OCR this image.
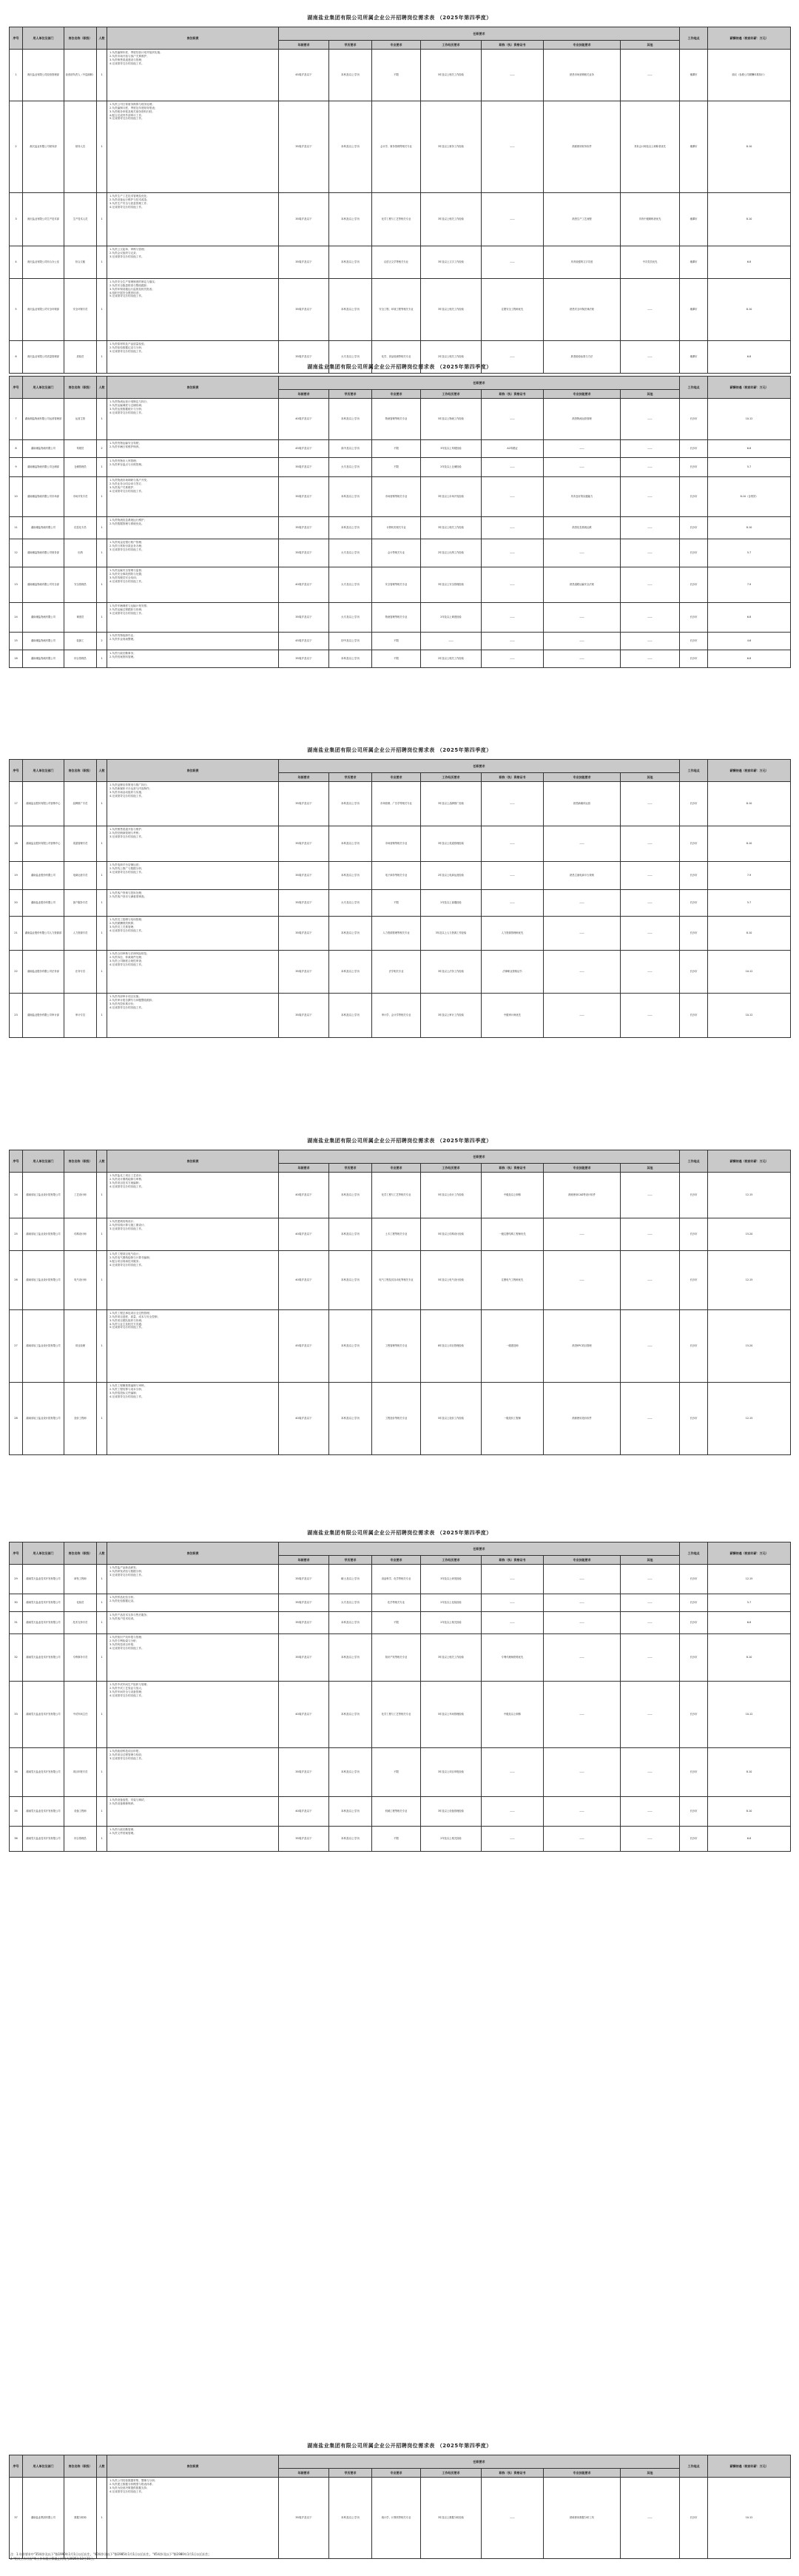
湖南盐业集团有限公司所属企业公开招聘岗位需求表 （2025年第四季度）
序号	用人单位及部门	岗位名称（职级）	人数	岗位职责	任职要求							工作地点	薪酬待遇（税前年薪：万元）
					年龄要求	学历要求	专业要求	工作经历要求	职称（执）资格证书	专业技能要求	其他		
1	湘天盐业有限公司经营管理部	经营部负责人（中层副职）	1	1.负责编制年度、季度经营计划并组织实施；
2.负责市场开拓与客户关系维护；
3.负责销售渠道建设与管理；
4.完成领导交办的其他工作。	45周岁及以下	本科及以上学历	不限	5年及以上相关工作经验	——	熟悉市场营销相关业务	——	湘潭市	面议（参照公司薪酬体系执行）
2	湘天盐业有限公司财务部	财务人员	1	1.负责公司日常财务核算与账务处理；
2.负责编制月度、季度及年度财务报表；
3.负责税务申报及相关财务资料归档；
4.配合完成内外部审计工作；
5.完成领导交办的其他工作。	35周岁及以下	本科及以上学历	会计学、财务管理等相关专业	3年及以上财务工作经验	——	熟练使用财务软件	具有会计师及以上职称者优先	湘潭市	8-10
3	湘天盐业有限公司生产技术部	生产技术人员	1	1.负责生产工艺技术管理及优化；
2.负责设备运行维护与技术改造；
3.负责生产安全与质量管理工作；
4.完成领导交办的其他工作。	35周岁及以下	本科及以上学历	化学工程与工艺等相关专业	3年及以上相关工作经验	——	熟悉生产工艺流程	具有中级职称者优先	湘潭市	8-10
4	湘天盐业有限公司综合办公室	综合文秘	1	1.负责公文起草、审核与管理；
2.负责会议组织与记录；
3.完成领导交办的其他工作。	35周岁及以下	本科及以上学历	汉语言文学等相关专业	3年及以上文字工作经验	——	具有较强的文字功底	中共党员优先	湘潭市	6-8
5	湘天盐业有限公司安全环保部	安全环保专员	1	1.负责安全生产管理制度的制定与落实；
2.负责安全隐患排查与整改跟踪；
3.负责环保设施运行监督及相关报表；
4.组织开展安全教育培训；
5.完成领导交办的其他工作。	35周岁及以下	本科及以上学历	安全工程、环境工程等相关专业	3年及以上相关工作经验	注册安全工程师优先	熟悉安全环保法律法规	——	湘潭市	8-10
6	湘天盐业有限公司质量管理部	质检员	1	1.负责原材料及产品质量检验；
2.负责检验数据记录与分析；
3.完成领导交办的其他工作。	35周岁及以下	大专及以上学历	化学、食品检测等相关专业	2年及以上相关工作经验	——	熟悉检验标准与方法	——	湘潭市	6-8
湖南盐业集团有限公司所属企业公开招聘岗位需求表 （2025年第四季度）
序号	用人单位及部门	岗位名称（职级）	人数	岗位职责	任职要求							工作地点	薪酬待遇（税前年薪：万元）
					年龄要求	学历要求	专业要求	工作经历要求	职称（执）资格证书	专业技能要求	其他		
7	湖南湘盐物流有限公司运营管理部	运营主管	1	1.负责物流运营计划制定与执行；
2.负责运输调度与仓储协调；
3.负责运营数据统计与分析；
4.完成领导交办的其他工作。	40周岁及以下	本科及以上学历	物流管理等相关专业	5年及以上物流工作经验	——	熟悉物流运营管理	——	长沙市	10-12
8	湖南湘盐物流有限公司	驾驶员	2	1.负责货物运输安全驾驶；
2.负责车辆日常维护保养。	45周岁及以下	高中及以上学历	不限	3年及以上驾驶经验	A2驾驶证	——	——	长沙市	6-8
9	湖南湘盐物流有限公司仓储部	仓储管理员	1	1.负责货物出入库管理；
2.负责库存盘点与台账管理。	35周岁及以下	大专及以上学历	不限	2年及以上仓储经验	——	——	——	长沙市	5-7
10	湖南湘盐物流有限公司市场部	市场开发专员	1	1.负责物流市场调研与客户开发；
2.负责业务合同洽谈与签订；
3.负责客户关系维护；
4.完成领导交办的其他工作。	35周岁及以下	本科及以上学历	市场营销等相关专业	3年及以上市场开发经验	——	具有良好的沟通能力	——	长沙市	8-10（含绩效）
11	湖南湘盐物流有限公司	信息化专员	1	1.负责物流信息系统运行维护；
2.负责数据管理与系统优化。	35周岁及以下	本科及以上学历	计算机类相关专业	3年及以上相关工作经验	——	熟悉信息系统运维	——	长沙市	8-10
12	湖南湘盐物流有限公司财务部	出纳	1	1.负责现金及银行账户管理；
2.负责日常收付款业务办理；
3.完成领导交办的其他工作。	35周岁及以下	大专及以上学历	会计等相关专业	2年及以上出纳工作经验	——	——	——	长沙市	5-7
13	湖南湘盐物流有限公司安全部	安全管理员	1	1.负责运输安全管理与监督；
2.负责安全事故预防与处置；
3.负责驾驶员安全培训；
4.完成领导交办的其他工作。	40周岁及以下	大专及以上学历	安全管理等相关专业	3年及以上安全管理经验	——	熟悉道路运输安全法规	——	长沙市	7-9
14	湖南湘盐物流有限公司	调度员	1	1.负责车辆调度与运输计划安排；
2.负责运输过程跟踪与协调；
3.完成领导交办的其他工作。	35周岁及以下	大专及以上学历	物流管理等相关专业	2年及以上调度经验	——	——	——	长沙市	6-8
15	湖南湘盐物流有限公司	装卸工	2	1.负责货物装卸作业；
2.负责作业现场整理。	45周岁及以下	初中及以上学历	不限	——	——	——	——	长沙市	4-6
16	湖南湘盐物流有限公司	综合管理员	1	1.负责行政后勤事务；
2.负责档案资料管理。	35周岁及以下	本科及以上学历	不限	2年及以上相关工作经验	——	——	——	长沙市	6-8
湖南盐业集团有限公司所属企业公开招聘岗位需求表 （2025年第四季度）
序号	用人单位及部门	岗位名称（职级）	人数	岗位职责	任职要求							工作地点	薪酬待遇（税前年薪：万元）
					年龄要求	学历要求	专业要求	工作经历要求	职称（执）资格证书	专业技能要求	其他		
17	湖南盐业股份有限公司营销中心	品牌推广专员	1	1.负责品牌宣传策划与推广执行；
2.负责新媒体平台运营与内容制作；
3.负责市场活动组织与实施；
4.完成领导交办的其他工作。	35周岁及以下	本科及以上学历	市场营销、广告学等相关专业	3年及以上品牌推广经验	——	熟悉新媒体运营	——	长沙市	8-10
18	湖南盐业股份有限公司营销中心	渠道管理专员	1	1.负责销售渠道开拓与维护；
2.负责经销商管理与考核；
3.完成领导交办的其他工作。	35周岁及以下	本科及以上学历	市场营销等相关专业	3年及以上渠道管理经验	——	——	——	长沙市	8-10
19	湖南盐业股份有限公司	电商运营专员	1	1.负责电商平台店铺运营；
2.负责线上推广与数据分析；
3.完成领导交办的其他工作。	35周岁及以下	本科及以上学历	电子商务等相关专业	2年及以上电商运营经验	——	熟悉主流电商平台规则	——	长沙市	7-9
20	湖南盐业股份有限公司	客户服务专员	1	1.负责客户咨询与投诉处理；
2.负责客户回访与满意度调查。	35周岁及以下	大专及以上学历	不限	2年及以上客服经验	——	——	——	长沙市	5-7
21	湖南盐业股份有限公司人力资源部	人力资源专员	1	1.负责员工招聘与培训管理；
2.负责薪酬绩效核算；
3.负责员工关系管理；
4.完成领导交办的其他工作。	35周岁及以下	本科及以上学历	人力资源管理等相关专业	3年及以上人力资源工作经验	人力资源管理师优先	——	——	长沙市	8-10
22	湖南盐业股份有限公司法务部	法务专员	1	1.负责合同审核与法律风险防范；
2.负责诉讼、仲裁案件处理；
3.负责公司制度合规性审查；
4.完成领导交办的其他工作。	35周岁及以下	本科及以上学历	法学相关专业	3年及以上法务工作经验	法律职业资格证书	——	——	长沙市	10-12
23	湖南盐业股份有限公司审计部	审计专员	1	1.负责内部审计项目实施；
2.负责审计报告撰写与问题整改跟踪；
3.负责内控体系评价；
4.完成领导交办的其他工作。	35周岁及以下	本科及以上学历	审计学、会计学等相关专业	3年及以上审计工作经验	中级审计师优先	——	——	长沙市	10-12
湖南盐业集团有限公司所属企业公开招聘岗位需求表 （2025年第四季度）
序号	用人单位及部门	岗位名称（职级）	人数	岗位职责	任职要求							工作地点	薪酬待遇（税前年薪：万元）
					年龄要求	学历要求	专业要求	工作经历要求	职称（执）资格证书	专业技能要求	其他		
24	湖南省轻工盐业设计院有限公司	工艺设计师	1	1.负责盐化工项目工艺设计；
2.负责设计图纸绘制与审核；
3.负责项目技术方案编制；
4.完成领导交办的其他工作。	40周岁及以下	本科及以上学历	化学工程与工艺等相关专业	5年及以上设计工作经验	中级及以上职称	熟练使用CAD等设计软件	——	长沙市	12-15
25	湖南省轻工盐业设计院有限公司	结构设计师	1	1.负责建筑结构设计；
2.负责结构计算与施工图设计；
3.完成领导交办的其他工作。	40周岁及以下	本科及以上学历	土木工程等相关专业	5年及以上结构设计经验	一级注册结构工程师优先	——	——	长沙市	15-20
26	湖南省轻工盐业设计院有限公司	电气设计师	1	1.负责工程项目电气设计；
2.负责电气图纸绘制与计算书编制；
3.配合项目现场技术服务；
4.完成领导交办的其他工作。	40周岁及以下	本科及以上学历	电气工程及其自动化等相关专业	5年及以上电气设计经验	注册电气工程师优先	——	——	长沙市	12-15
27	湖南省轻工盐业设计院有限公司	项目经理	1	1.负责工程总承包项目全过程管理；
2.负责项目进度、质量、成本与安全控制；
3.负责项目团队组织与协调；
4.负责与业主及相关方沟通；
5.完成领导交办的其他工作。	45周岁及以下	本科及以上学历	工程管理等相关专业	8年及以上项目管理经验	一级建造师	熟悉EPC项目管理	——	长沙市	15-20
28	湖南省轻工盐业设计院有限公司	造价工程师	1	1.负责工程概预算编制与审核；
2.负责工程结算与成本分析；
3.负责招投标文件编制；
4.完成领导交办的其他工作。	40周岁及以下	本科及以上学历	工程造价等相关专业	5年及以上造价工作经验	一级造价工程师	熟练使用造价软件	——	长沙市	12-15
湖南盐业集团有限公司所属企业公开招聘岗位需求表 （2025年第四季度）
序号	用人单位及部门	岗位名称（职级）	人数	岗位职责	任职要求							工作地点	薪酬待遇（税前年薪：万元）
					年龄要求	学历要求	专业要求	工作经历要求	职称（执）资格证书	专业技能要求	其他		
29	湖南雪天盐业技术开发有限公司	研发工程师	1	1.负责盐产品新品研发；
2.负责研发试验与数据分析；
3.完成领导交办的其他工作。	35周岁及以下	硕士及以上学历	食品科学、化学等相关专业	3年及以上研发经验	——	——	——	长沙市	12-15
30	湖南雪天盐业技术开发有限公司	化验员	1	1.负责样品化验分析；
2.负责化验数据记录。	35周岁及以下	大专及以上学历	化学等相关专业	2年及以上化验经验	——	——	——	长沙市	5-7
31	湖南雪天盐业技术开发有限公司	技术支持专员	1	1.负责产品技术支持与售后服务；
2.负责客户技术培训。	35周岁及以下	本科及以上学历	不限	2年及以上相关经验	——	——	——	长沙市	6-8
32	湖南雪天盐业技术开发有限公司	专利事务专员	1	1.负责知识产权申报与管理；
2.负责专利检索与分析；
3.负责科技项目申报；
4.完成领导交办的其他工作。	35周岁及以下	本科及以上学历	知识产权等相关专业	3年及以上相关工作经验	专利代理师资格优先	——	——	长沙市	8-10
33	湖南雪天盐业技术开发有限公司	中试车间主任	1	1.负责中试车间生产组织与管理；
2.负责中试工艺验证与放大；
3.负责车间安全与设备管理；
4.完成领导交办的其他工作。	40周岁及以下	本科及以上学历	化学工程与工艺等相关专业	5年及以上车间管理经验	中级及以上职称	——	——	长沙市	10-12
34	湖南雪天盐业技术开发有限公司	项目申报专员	1	1.负责政府科技项目申报；
2.负责项目过程管理与验收；
3.完成领导交办的其他工作。	35周岁及以下	本科及以上学历	不限	3年及以上项目申报经验	——	——	——	长沙市	8-10
35	湖南雪天盐业技术开发有限公司	设备工程师	1	1.负责设备选型、安装与调试；
2.负责设备维修保养。	40周岁及以下	本科及以上学历	机械工程等相关专业	3年及以上设备管理经验	——	——	——	长沙市	8-10
36	湖南雪天盐业技术开发有限公司	综合管理员	1	1.负责行政后勤管理；
2.负责文件档案管理。	35周岁及以下	本科及以上学历	不限	2年及以上相关经验	——	——	——	长沙市	6-8
湖南盐业集团有限公司所属企业公开招聘岗位需求表 （2025年第四季度）
序号	用人单位及部门	岗位名称（职级）	人数	岗位职责	任职要求							工作地点	薪酬待遇（税前年薪：万元）
					年龄要求	学历要求	专业要求	工作经历要求	职称（执）资格证书	专业技能要求	其他		
37	湖南盐业集团有限公司	数据分析师	1	1.负责公司经营数据采集、整理与分析；
2.负责建立数据分析模型与报表体系；
3.负责为经营决策提供数据支持；
4.完成领导交办的其他工作。	35周岁及以下	本科及以上学历	统计学、计算机等相关专业	3年及以上数据分析经验	——	熟练使用数据分析工具	——	长沙市	10-12
注：1.年龄要求中"35周岁及以下"指1990年1月1日以后出生，"40周岁及以下"指1985年1月1日以后出生，"45周岁及以下"指1980年1月1日以后出生；
2."相关工作经验"等工作年限计算截止时间为2025年12月31日。
